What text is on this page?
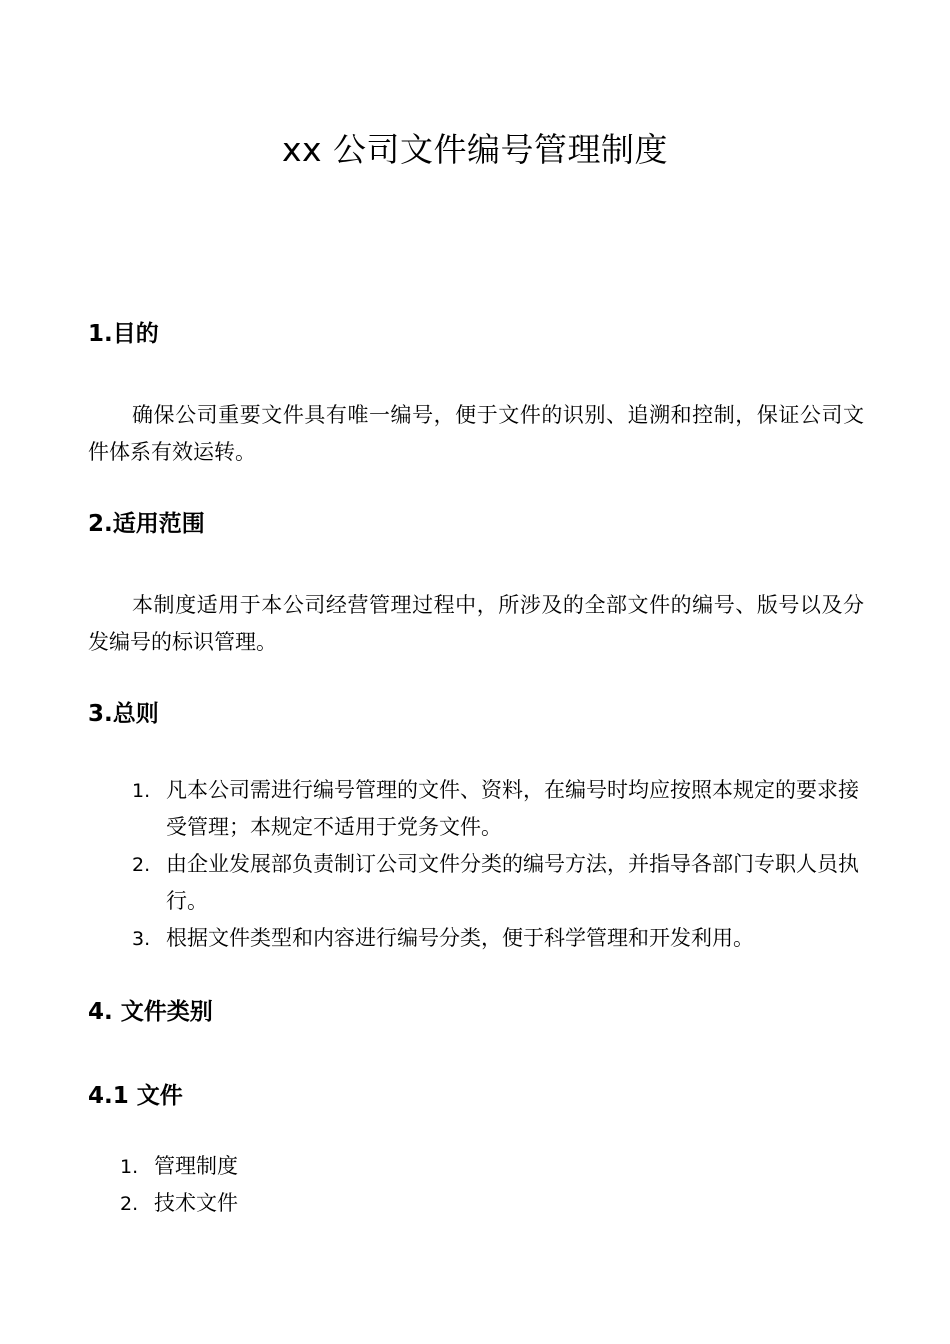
xx 公司文件编号管理制度
1.目的
确保公司重要文件具有唯一编号，便于文件的识别、追溯和控制，保证公司文件体系有效运转。
2.适用范围
本制度适用于本公司经营管理过程中，所涉及的全部文件的编号、版号以及分发编号的标识管理。
3.总则
1. 凡本公司需进行编号管理的文件、资料，在编号时均应按照本规定的要求接受管理；本规定不适用于党务文件。
2. 由企业发展部负责制订公司文件分类的编号方法，并指导各部门专职人员执行。
3. 根据文件类型和内容进行编号分类，便于科学管理和开发利用。
4. 文件类别
4.1 文件
1. 管理制度
2. 技术文件
